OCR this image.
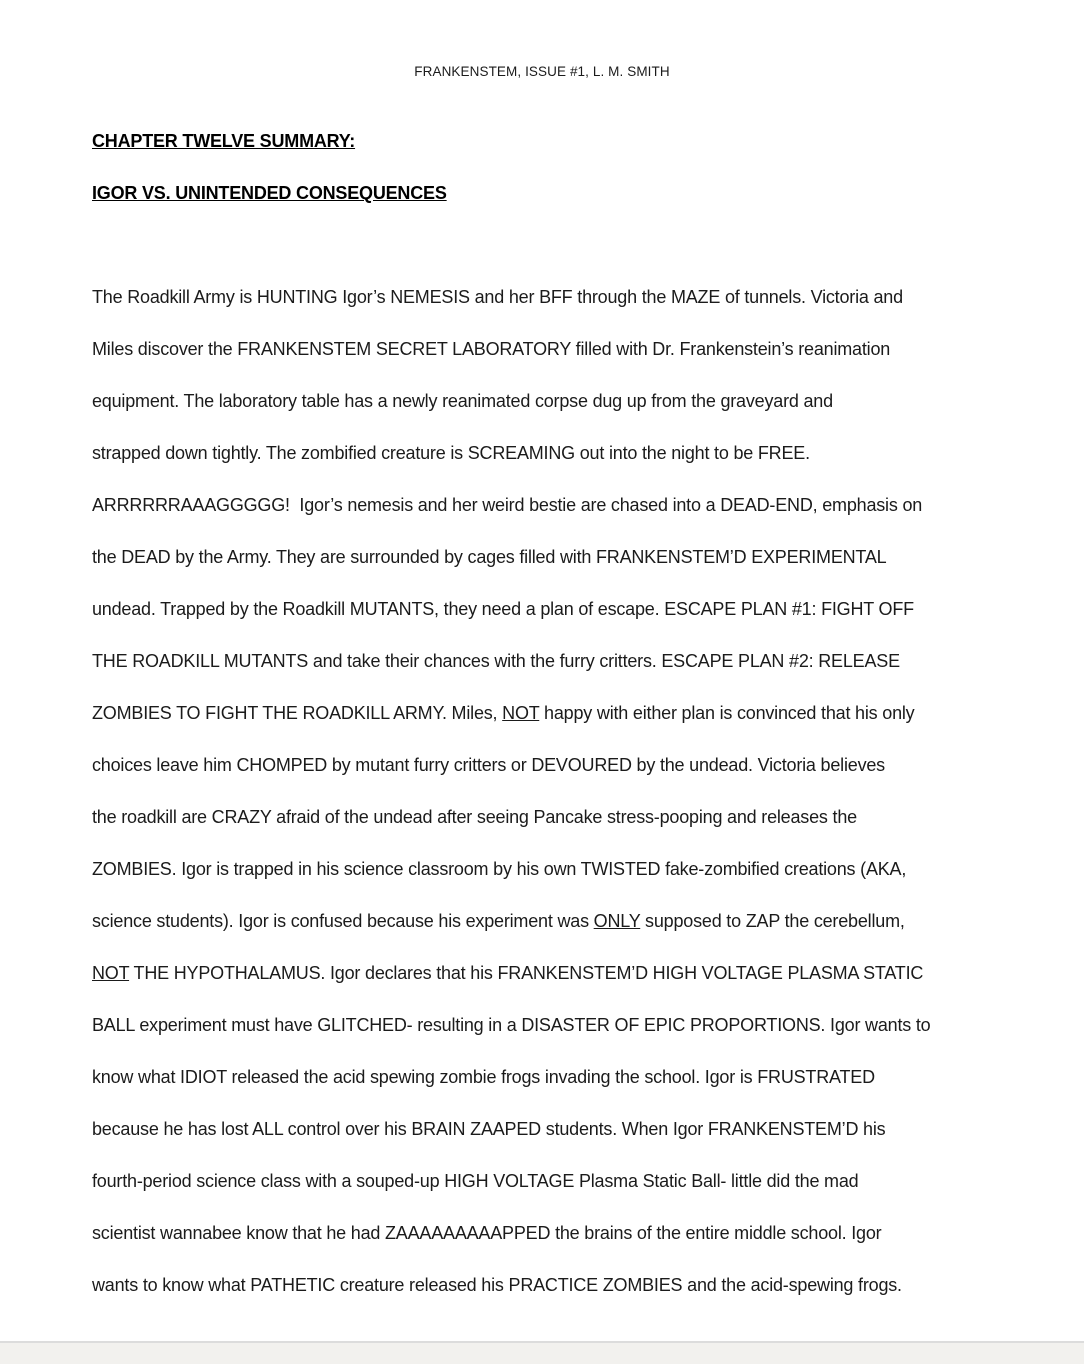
FRANKENSTEM, ISSUE #1, L. M. SMITH
CHAPTER TWELVE SUMMARY:
IGOR VS. UNINTENDED CONSEQUENCES
The Roadkill Army is HUNTING Igor’s NEMESIS and her BFF through the MAZE of tunnels. Victoria and
Miles discover the FRANKENSTEM SECRET LABORATORY filled with Dr. Frankenstein’s reanimation
equipment. The laboratory table has a newly reanimated corpse dug up from the graveyard and
strapped down tightly. The zombified creature is SCREAMING out into the night to be FREE.
ARRRRRRAAAGGGGG!  Igor’s nemesis and her weird bestie are chased into a DEAD-END, emphasis on
the DEAD by the Army. They are surrounded by cages filled with FRANKENSTEM’D EXPERIMENTAL
undead. Trapped by the Roadkill MUTANTS, they need a plan of escape. ESCAPE PLAN #1: FIGHT OFF
THE ROADKILL MUTANTS and take their chances with the furry critters. ESCAPE PLAN #2: RELEASE
ZOMBIES TO FIGHT THE ROADKILL ARMY. Miles, NOT happy with either plan is convinced that his only
choices leave him CHOMPED by mutant furry critters or DEVOURED by the undead. Victoria believes
the roadkill are CRAZY afraid of the undead after seeing Pancake stress-pooping and releases the
ZOMBIES. Igor is trapped in his science classroom by his own TWISTED fake-zombified creations (AKA,
science students). Igor is confused because his experiment was ONLY supposed to ZAP the cerebellum,
NOT THE HYPOTHALAMUS. Igor declares that his FRANKENSTEM’D HIGH VOLTAGE PLASMA STATIC
BALL experiment must have GLITCHED- resulting in a DISASTER OF EPIC PROPORTIONS. Igor wants to
know what IDIOT released the acid spewing zombie frogs invading the school. Igor is FRUSTRATED
because he has lost ALL control over his BRAIN ZAAPED students. When Igor FRANKENSTEM’D his
fourth-period science class with a souped-up HIGH VOLTAGE Plasma Static Ball- little did the mad
scientist wannabee know that he had ZAAAAAAAAAPPED the brains of the entire middle school. Igor
wants to know what PATHETIC creature released his PRACTICE ZOMBIES and the acid-spewing frogs.
